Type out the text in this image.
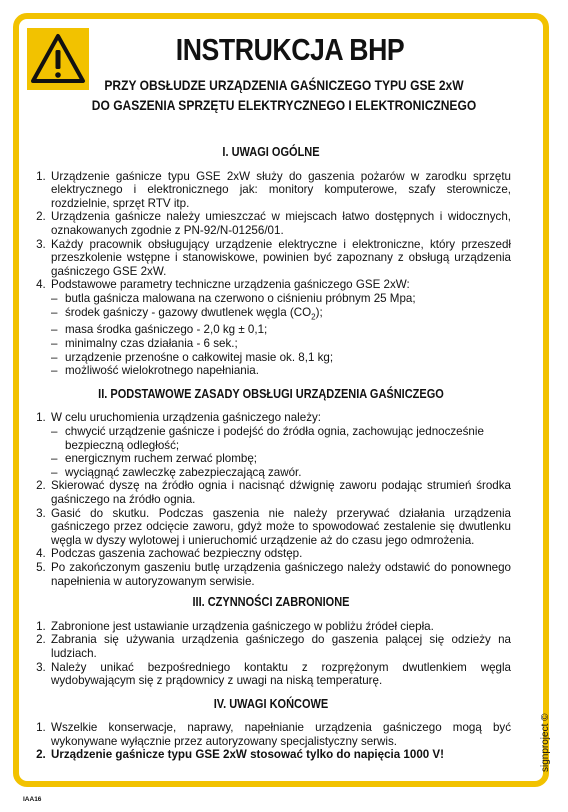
INSTRUKCJA BHP
PRZY OBSŁUDZE URZĄDZENIA GAŚNICZEGO TYPU GSE 2xW
DO GASZENIA SPRZĘTU ELEKTRYCZNEGO I ELEKTRONICZNEGO
I. UWAGI OGÓLNE
1. Urządzenie gaśnicze typu GSE 2xW służy do gaszenia pożarów w zarodku sprzętu elektrycznego i elektronicznego jak: monitory komputerowe, szafy sterownicze, rozdzielnie, sprzęt RTV itp.
2. Urządzenia gaśnicze należy umieszczać w miejscach łatwo dostępnych i widocznych, oznakowanych zgodnie z PN-92/N-01256/01.
3. Każdy pracownik obsługujący urządzenie elektryczne i elektroniczne, który przeszedł przeszkolenie wstępne i stanowiskowe, powinien być zapoznany z obsługą urządzenia gaśniczego GSE 2xW.
4. Podstawowe parametry techniczne urządzenia gaśniczego GSE 2xW:
– butla gaśnicza malowana na czerwono o ciśnieniu próbnym 25 Mpa;
– środek gaśniczy - gazowy dwutlenek węgla $(CO_2)$;
– masa środka gaśniczego - 2,0 kg ± 0,1;
– minimalny czas działania - 6 sek.;
– urządzenie przenośne o całkowitej masie ok. 8,1 kg;
– możliwość wielokrotnego napełniania.
II. PODSTAWOWE ZASADY OBSŁUGI URZĄDZENIA GAŚNICZEGO
1. W celu uruchomienia urządzenia gaśniczego należy:
– chwycić urządzenie gaśnicze i podejść do źródła ognia, zachowując jednocześnie bezpieczną odległość;
– energicznym ruchem zerwać plombę;
– wyciągnąć zawleczkę zabezpieczającą zawór.
2. Skierować dyszę na źródło ognia i nacisnąć dźwignię zaworu podając strumień środka gaśniczego na źródło ognia.
3. Gasić do skutku. Podczas gaszenia nie należy przerywać działania urządzenia gaśniczego przez odcięcie zaworu, gdyż może to spowodować zestalenie się dwutlenku węgla w dyszy wylotowej i unieruchomić urządzenie aż do czasu jego odmrożenia.
4. Podczas gaszenia zachować bezpieczny odstęp.
5. Po zakończonym gaszeniu butlę urządzenia gaśniczego należy odstawić do ponownego napełnienia w autoryzowanym serwisie.
III. CZYNNOŚCI ZABRONIONE
1. Zabronione jest ustawianie urządzenia gaśniczego w pobliżu źródeł ciepła.
2. Zabrania się używania urządzenia gaśniczego do gaszenia palącej się odzieży na ludziach.
3. Należy unikać bezpośredniego kontaktu z rozprężonym dwutlenkiem węgla wydobywającym się z prądownicy z uwagi na niską temperaturę.
IV. UWAGI KOŃCOWE
1. Wszelkie konserwacje, naprawy, napełnianie urządzenia gaśniczego mogą być wykonywane wyłącznie przez autoryzowany specjalistyczny serwis.
2. Urządzenie gaśnicze typu GSE 2xW stosować tylko do napięcia 1000 V!	signproject ©
IAA16
